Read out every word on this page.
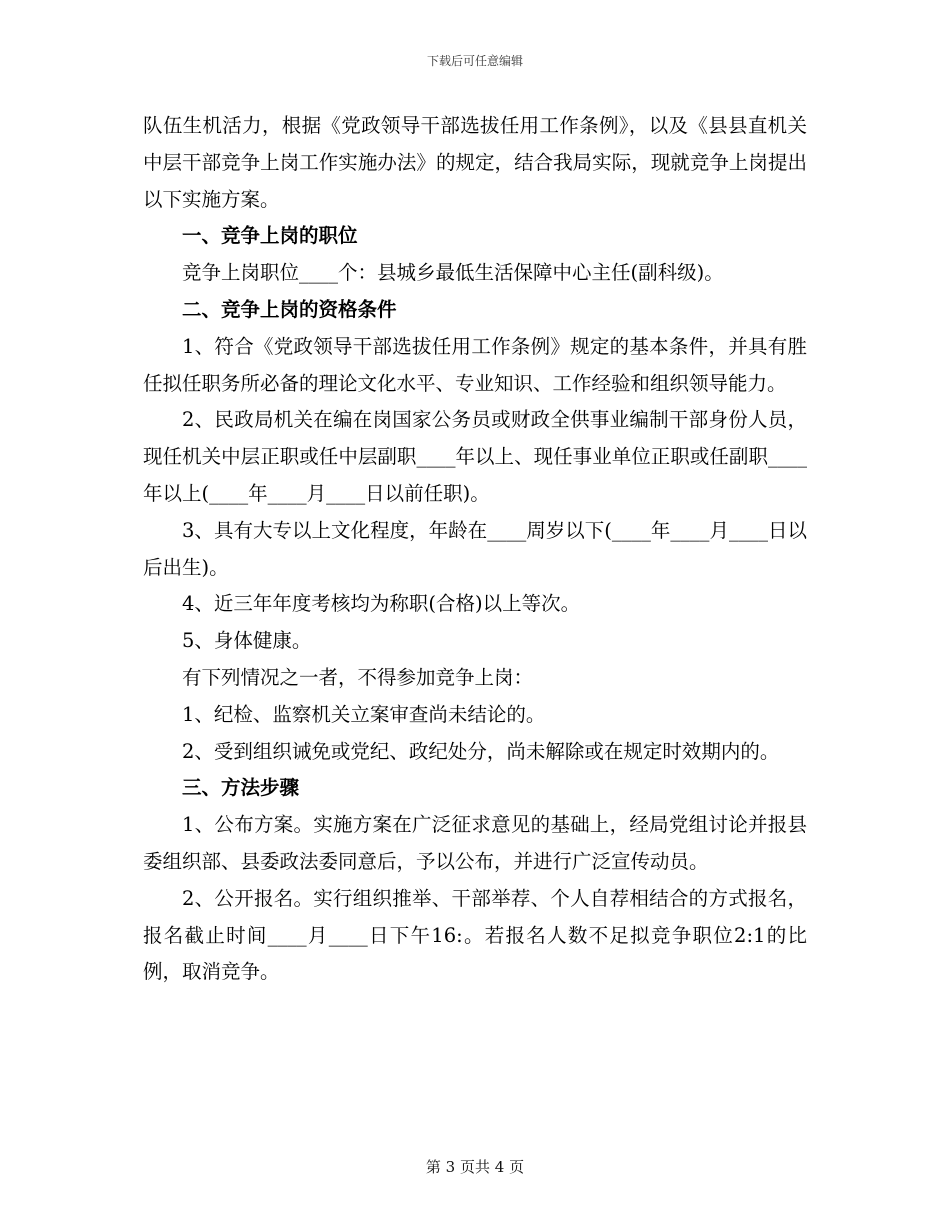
下载后可任意编辑

队伍生机活力，根据《党政领导干部选拔任用工作条例》，以及《县县直机关中层干部竞争上岗工作实施办法》的规定，结合我局实际，现就竞争上岗提出以下实施方案。

一、竞争上岗的职位

竞争上岗职位____个：县城乡最低生活保障中心主任(副科级)。

二、竞争上岗的资格条件

1、符合《党政领导干部选拔任用工作条例》规定的基本条件，并具有胜任拟任职务所必备的理论文化水平、专业知识、工作经验和组织领导能力。

2、民政局机关在编在岗国家公务员或财政全供事业编制干部身份人员，现任机关中层正职或任中层副职____年以上、现任事业单位正职或任副职____年以上(____年____月____日以前任职)。

3、具有大专以上文化程度，年龄在____周岁以下(____年____月____日以后出生)。

4、近三年年度考核均为称职(合格)以上等次。

5、身体健康。

有下列情况之一者，不得参加竞争上岗：

1、纪检、监察机关立案审查尚未结论的。

2、受到组织诫免或党纪、政纪处分，尚未解除或在规定时效期内的。

三、方法步骤

1、公布方案。实施方案在广泛征求意见的基础上，经局党组讨论并报县委组织部、县委政法委同意后，予以公布，并进行广泛宣传动员。

2、公开报名。实行组织推举、干部举荐、个人自荐相结合的方式报名，报名截止时间____月____日下午16:。若报名人数不足拟竞争职位2:1的比例，取消竞争。

第 3 页共 4 页
